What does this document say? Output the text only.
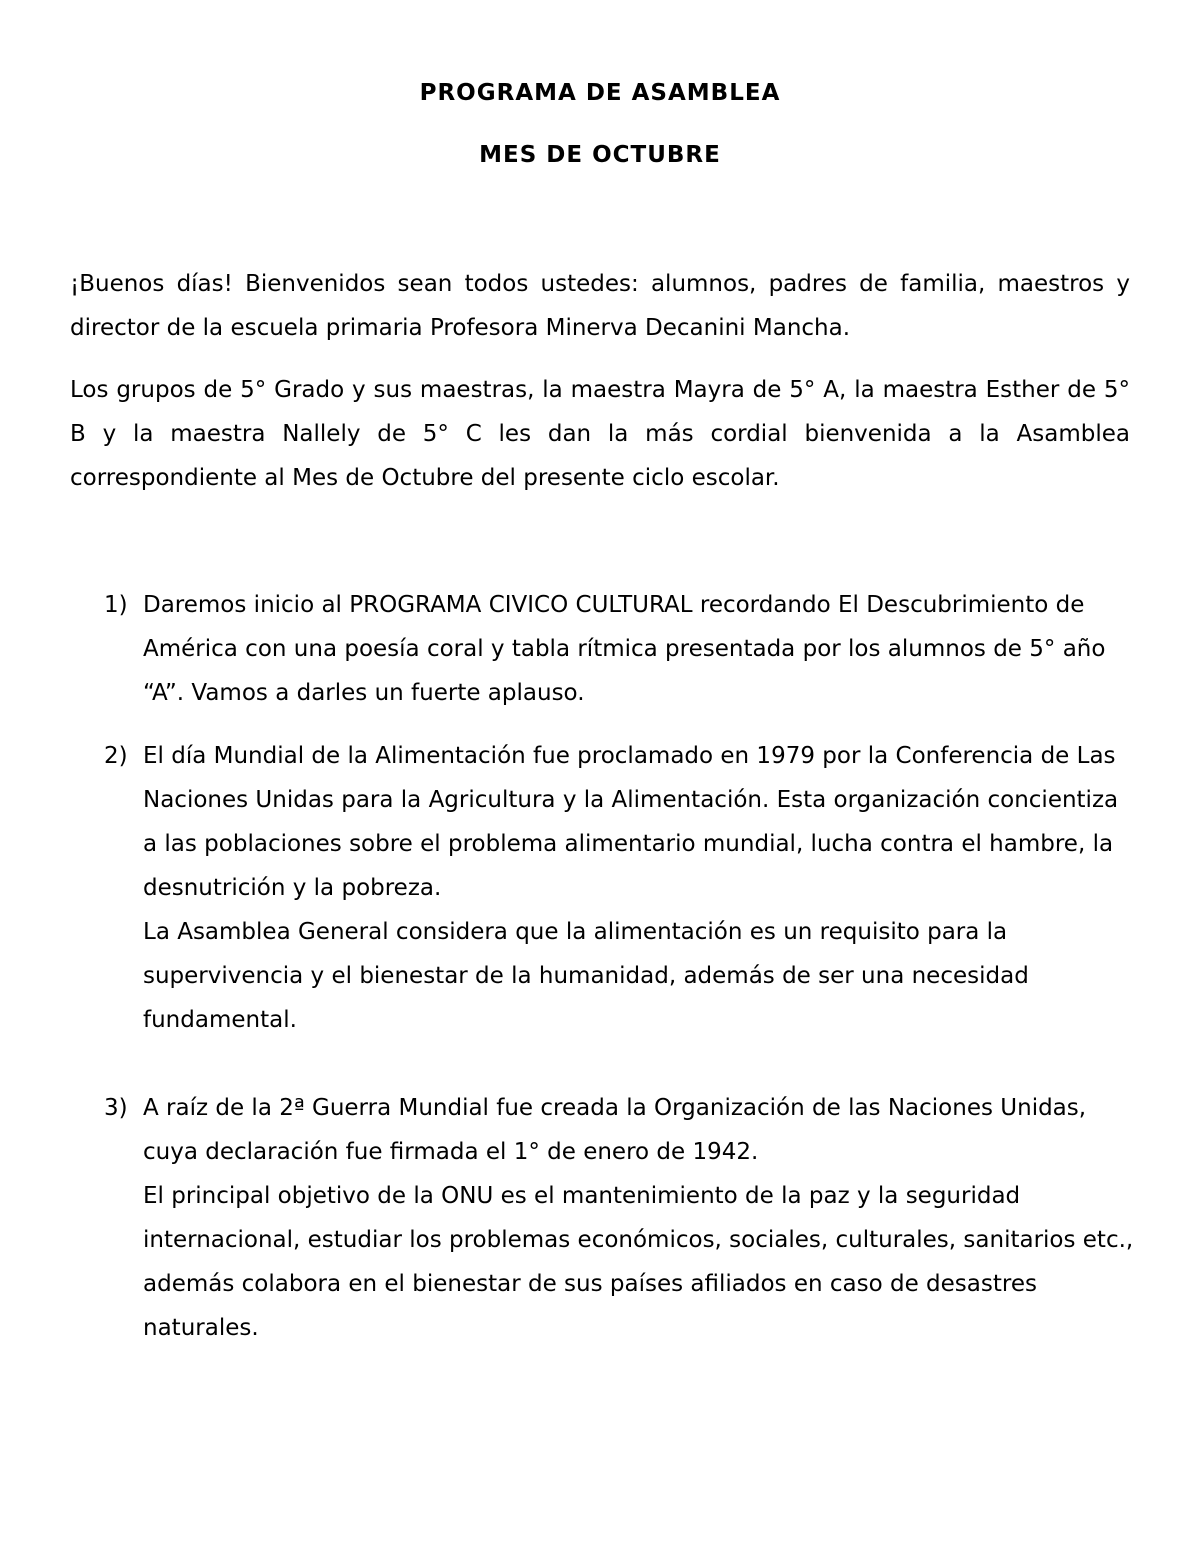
PROGRAMA DE ASAMBLEA
MES DE OCTUBRE
¡Buenos días! Bienvenidos sean todos ustedes: alumnos, padres de familia, maestros y director de la escuela primaria Profesora Minerva Decanini Mancha.
Los grupos de 5° Grado y sus maestras, la maestra Mayra de 5° A, la maestra Esther de 5° B y la maestra Nallely de 5° C les dan la más cordial bienvenida a la Asamblea correspondiente al Mes de Octubre del presente ciclo escolar.
1) Daremos inicio al PROGRAMA CIVICO CULTURAL recordando El Descubrimiento de América con una poesía coral y tabla rítmica presentada por los alumnos de 5° año “A”. Vamos a darles un fuerte aplauso.

2) El día Mundial de la Alimentación fue proclamado en 1979 por la Conferencia de Las Naciones Unidas para la Agricultura y la Alimentación. Esta organización concientiza a las poblaciones sobre el problema alimentario mundial, lucha contra el hambre, la desnutrición y la pobreza.

La Asamblea General considera que la alimentación es un requisito para la supervivencia y el bienestar de la humanidad, además de ser una necesidad fundamental.

3) A raíz de la 2ª Guerra Mundial fue creada la Organización de las Naciones Unidas, cuya declaración fue firmada el 1° de enero de 1942.

El principal objetivo de la ONU es el mantenimiento de la paz y la seguridad internacional, estudiar los problemas económicos, sociales, culturales, sanitarios etc., además colabora en el bienestar de sus países afiliados en caso de desastres naturales.
